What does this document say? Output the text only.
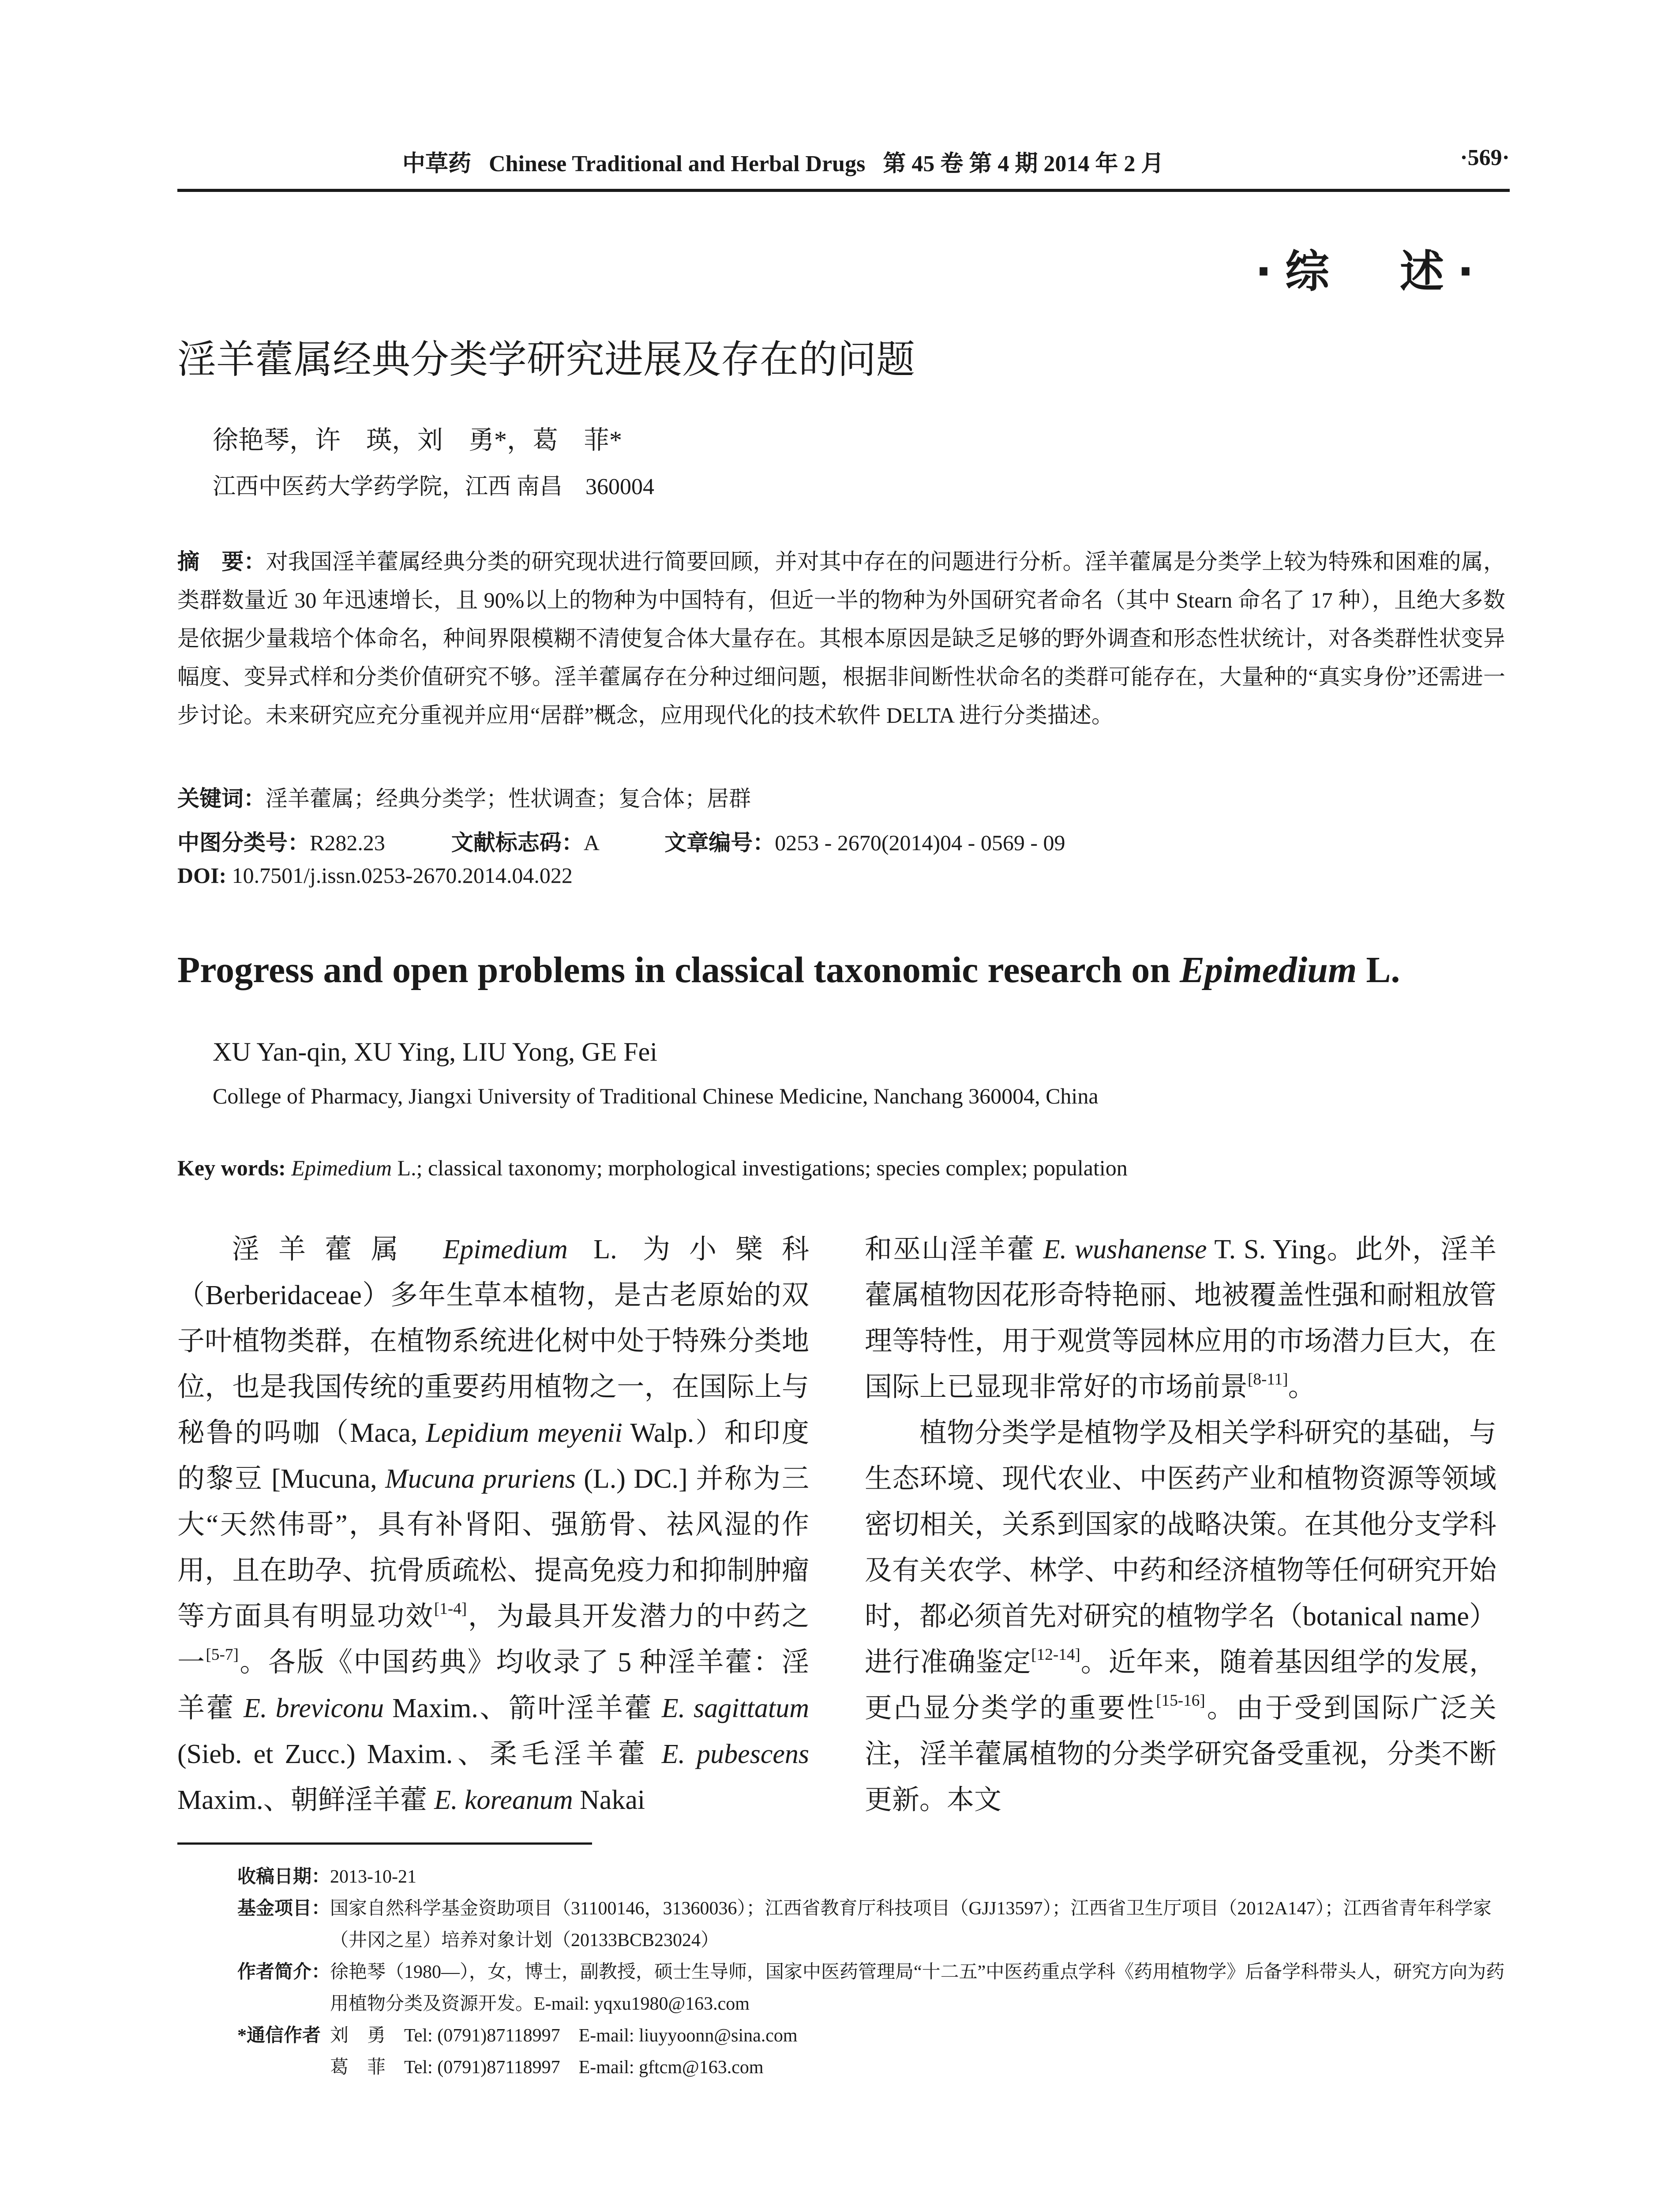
中草药 Chinese Traditional and Herbal Drugs 第 45 卷 第 4 期 2014 年 2 月	·569·
·综　述·
淫羊藿属经典分类学研究进展及存在的问题
徐艳琴，许　瑛，刘　勇*，葛　菲*
江西中医药大学药学院，江西 南昌　360004
摘　要：对我国淫羊藿属经典分类的研究现状进行简要回顾，并对其中存在的问题进行分析。淫羊藿属是分类学上较为特殊和困难的属，类群数量近 30 年迅速增长，且 90%以上的物种为中国特有，但近一半的物种为外国研究者命名（其中 Stearn 命名了 17 种），且绝大多数是依据少量栽培个体命名，种间界限模糊不清使复合体大量存在。其根本原因是缺乏足够的野外调查和形态性状统计，对各类群性状变异幅度、变异式样和分类价值研究不够。淫羊藿属存在分种过细问题，根据非间断性状命名的类群可能存在，大量种的“真实身份”还需进一步讨论。未来研究应充分重视并应用“居群”概念，应用现代化的技术软件 DELTA 进行分类描述。
关键词：淫羊藿属；经典分类学；性状调查；复合体；居群
中图分类号：R282.23	文献标志码：A	文章编号：0253 - 2670(2014)04 - 0569 - 09
DOI: 10.7501/j.issn.0253-2670.2014.04.022
Progress and open problems in classical taxonomic research on Epimedium L.
XU Yan-qin, XU Ying, LIU Yong, GE Fei
College of Pharmacy, Jiangxi University of Traditional Chinese Medicine, Nanchang 360004, China
Key words: Epimedium L.; classical taxonomy; morphological investigations; species complex; population

淫羊藿属 Epimedium L. 为小檗科（Berberidaceae）多年生草本植物，是古老原始的双子叶植物类群，在植物系统进化树中处于特殊分类地位，也是我国传统的重要药用植物之一，在国际上与秘鲁的吗咖（Maca, Lepidium meyenii Walp.）和印度的黎豆 [Mucuna, Mucuna pruriens (L.) DC.] 并称为三大“天然伟哥”，具有补肾阳、强筋骨、祛风湿的作用，且在助孕、抗骨质疏松、提高免疫力和抑制肿瘤等方面具有明显功效[1-4]，为最具开发潜力的中药之一[5-7]。各版《中国药典》均收录了 5 种淫羊藿：淫羊藿 E. breviconu Maxim.、箭叶淫羊藿 E. sagittatum (Sieb. et Zucc.) Maxim.、柔毛淫羊藿 E. pubescens Maxim.、朝鲜淫羊藿 E. koreanum Nakai

和巫山淫羊藿 E. wushanense T. S. Ying。此外，淫羊藿属植物因花形奇特艳丽、地被覆盖性强和耐粗放管理等特性，用于观赏等园林应用的市场潜力巨大，在国际上已显现非常好的市场前景[8-11]。

植物分类学是植物学及相关学科研究的基础，与生态环境、现代农业、中医药产业和植物资源等领域密切相关，关系到国家的战略决策。在其他分支学科及有关农学、林学、中药和经济植物等任何研究开始时，都必须首先对研究的植物学名（botanical name）进行准确鉴定[12-14]。近年来，随着基因组学的发展，更凸显分类学的重要性[15-16]。由于受到国际广泛关注，淫羊藿属植物的分类学研究备受重视，分类不断更新。本文

收稿日期： 2013-10-21
基金项目： 国家自然科学基金资助项目（31100146，31360036）；江西省教育厅科技项目（GJJ13597）；江西省卫生厅项目（2012A147）；江西省青年科学家（井冈之星）培养对象计划（20133BCB23024）
作者简介： 徐艳琴（1980—），女，博士，副教授，硕士生导师，国家中医药管理局“十二五”中医药重点学科《药用植物学》后备学科带头人，研究方向为药用植物分类及资源开发。E-mail: yqxu1980@163.com
*通信作者 刘　勇　Tel: (0791)87118997　E-mail: liuyyoonn@sina.com
葛　菲　Tel: (0791)87118997　E-mail: gftcm@163.com
